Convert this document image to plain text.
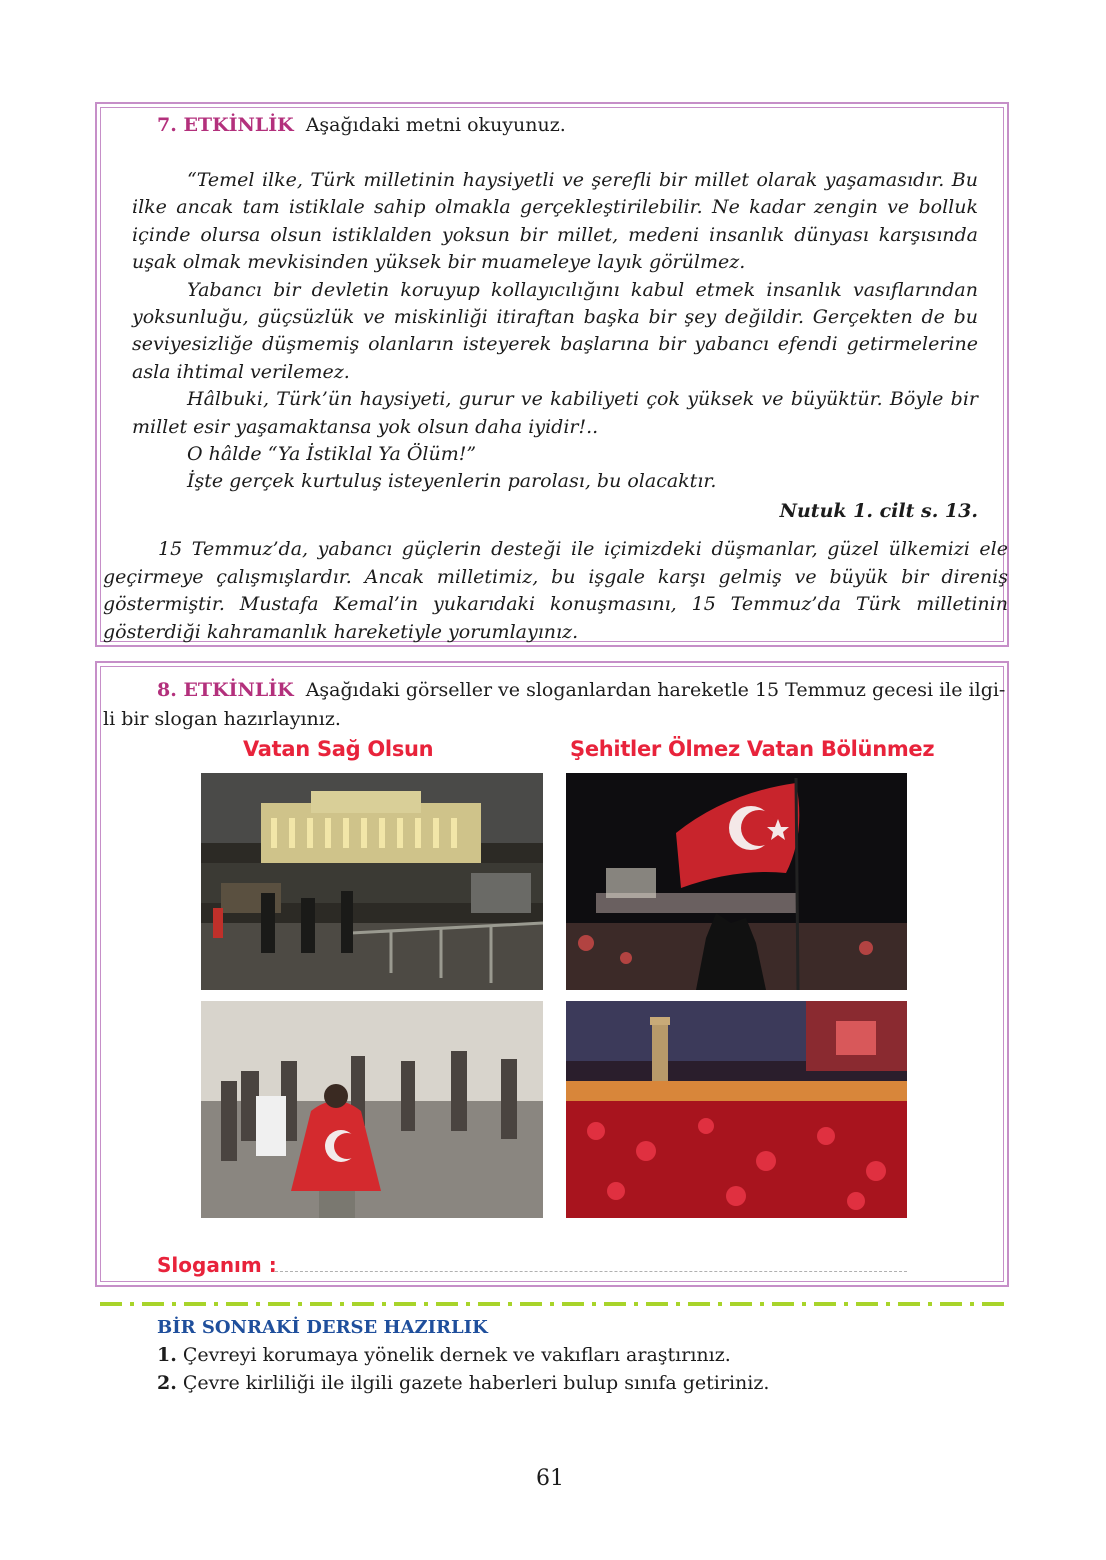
7. ETKİNLİK Aşağıdaki metni okuyunuz.

“Temel ilke, Türk milletinin haysiyetli ve şerefli bir millet olarak yaşamasıdır. Bu ilke ancak tam istiklale sahip olmakla gerçekleştirilebilir. Ne kadar zengin ve bolluk içinde olursa olsun istiklalden yoksun bir millet, medeni insanlık dünyası karşısında uşak olmak mevkisinden yüksek bir muameleye layık görülmez.

Yabancı bir devletin koruyup kollayıcılığını kabul etmek insanlık vasıflarından yoksunluğu, güçsüzlük ve miskinliği itiraftan başka bir şey değildir. Gerçekten de bu seviyesizliğe düşmemiş olanların isteyerek başlarına bir yabancı efendi getirmelerine asla ihtimal verilemez.

Hâlbuki, Türk’ün haysiyeti, gurur ve kabiliyeti çok yüksek ve büyüktür. Böyle bir millet esir yaşamaktansa yok olsun daha iyidir!..

O hâlde “Ya İstiklal Ya Ölüm!”

İşte gerçek kurtuluş isteyenlerin parolası, bu olacaktır.

Nutuk 1. cilt s. 13.

15 Temmuz’da, yabancı güçlerin desteği ile içimizdeki düşmanlar, güzel ülkemizi ele geçirmeye çalışmışlardır. Ancak milletimiz, bu işgale karşı gelmiş ve büyük bir direniş göstermiştir. Mustafa Kemal’in yukarıdaki konuşmasını, 15 Temmuz’da Türk milletinin gösterdiği kahramanlık hareketiyle yorumlayınız.

8. ETKİNLİK Aşağıdaki görseller ve sloganlardan hareketle 15 Temmuz gecesi ile ilgi-
li bir slogan hazırlayınız.
Vatan Sağ Olsun	Şehitler Ölmez Vatan Bölünmez
Sloganım :
BİR SONRAKİ DERSE HAZIRLIK
1. Çevreyi korumaya yönelik dernek ve vakıfları araştırınız.
2. Çevre kirliliği ile ilgili gazete haberleri bulup sınıfa getiriniz.
61
